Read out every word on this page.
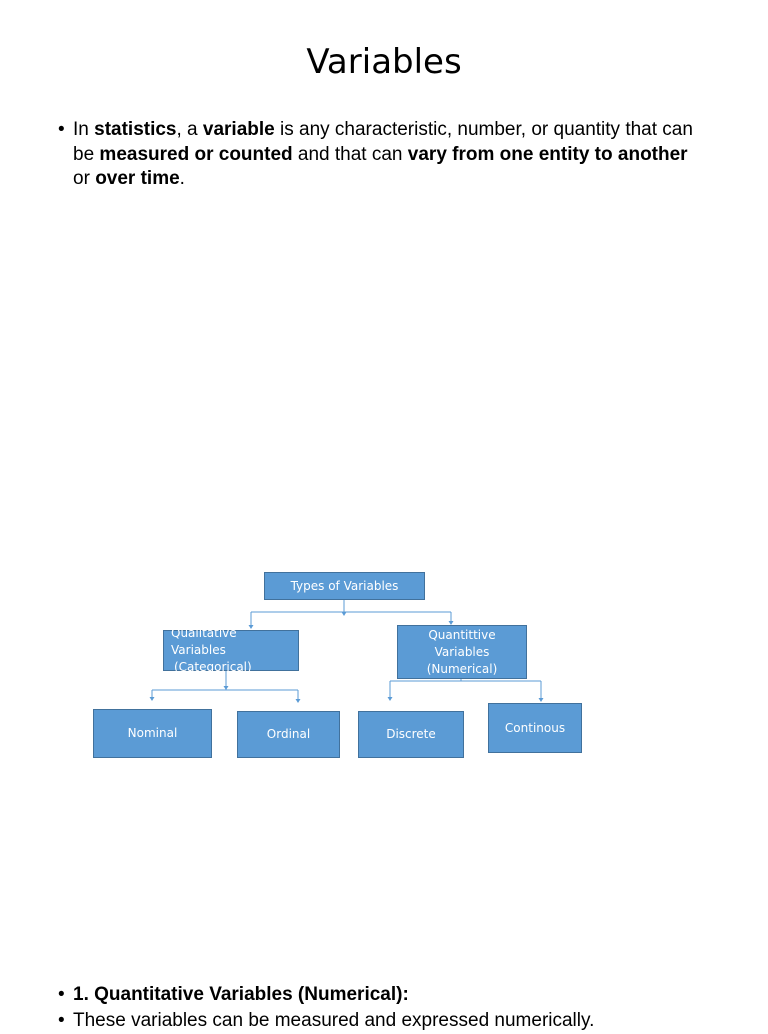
Variables
• In statistics, a variable is any characteristic, number, or quantity that can be measured or counted and that can vary from one entity to another or over time.
Types of Variables
Qualitative Variables
(Categorical)
Quantittive
Variables
(Numerical)
Nominal	Ordinal	Discrete	Continous
• 1. Quantitative Variables (Numerical):
• These variables can be measured and expressed numerically.
